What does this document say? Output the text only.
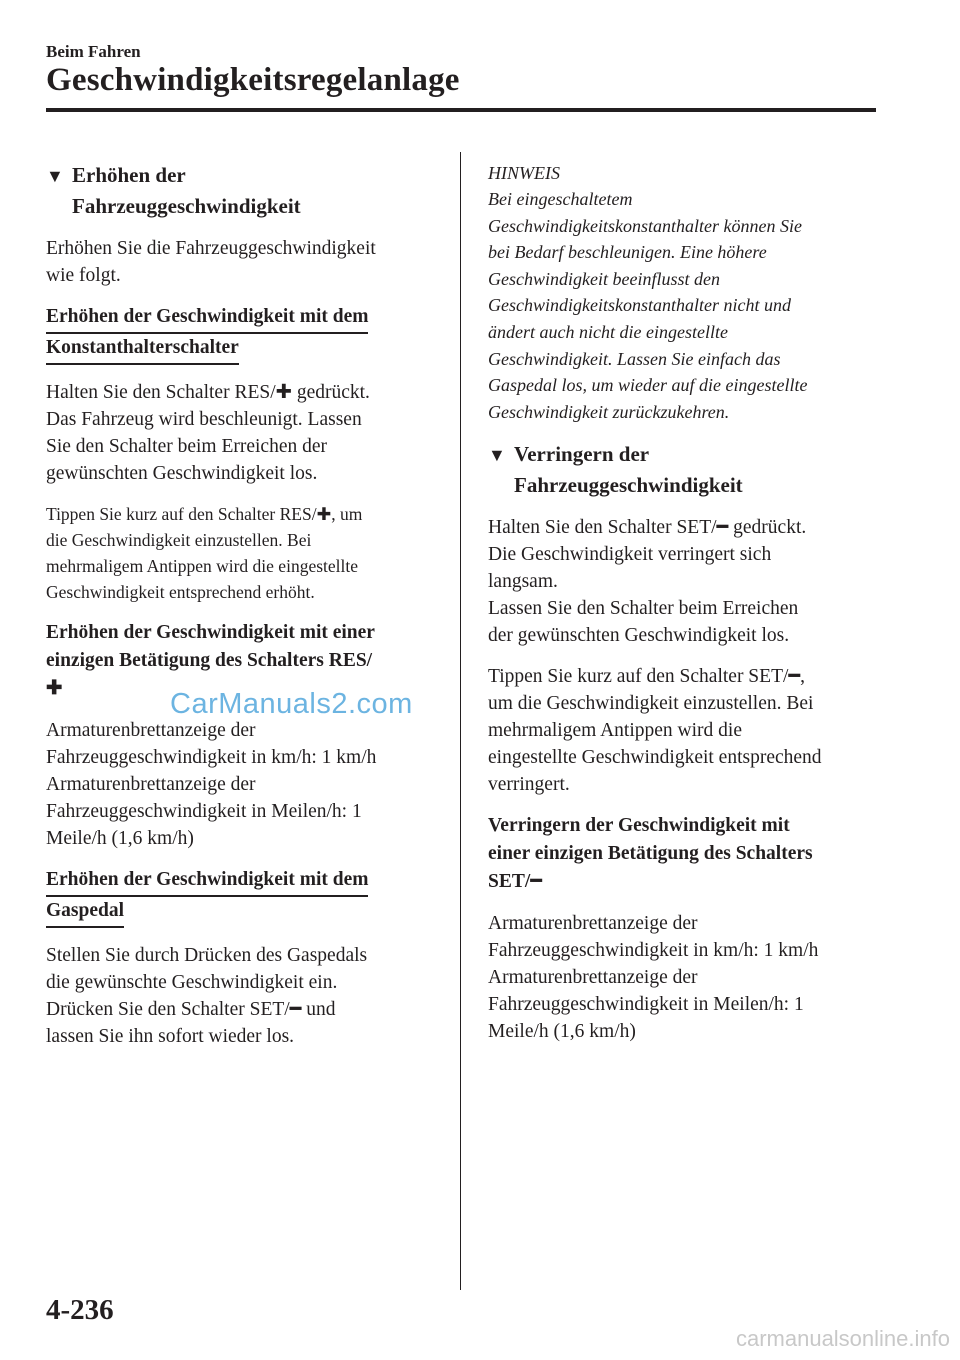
Beim Fahren

Geschwindigkeitsregelanlage
▼ Erhöhen der
Fahrzeuggeschwindigkeit

Erhöhen Sie die Fahrzeuggeschwindigkeit
wie folgt.

Erhöhen der Geschwindigkeit mit dem
Konstanthalterschalter

Halten Sie den Schalter RES/✚ gedrückt.
Das Fahrzeug wird beschleunigt. Lassen
Sie den Schalter beim Erreichen der
gewünschten Geschwindigkeit los.

Tippen Sie kurz auf den Schalter RES/✚, um
die Geschwindigkeit einzustellen. Bei
mehrmaligem Antippen wird die eingestellte
Geschwindigkeit entsprechend erhöht.

Erhöhen der Geschwindigkeit mit einer
einzigen Betätigung des Schalters RES/
✚

Armaturenbrettanzeige der
Fahrzeuggeschwindigkeit in km/h: 1 km/h
Armaturenbrettanzeige der
Fahrzeuggeschwindigkeit in Meilen/h: 1
Meile/h (1,6 km/h)

Erhöhen der Geschwindigkeit mit dem
Gaspedal

Stellen Sie durch Drücken des Gaspedals
die gewünschte Geschwindigkeit ein.
Drücken Sie den Schalter SET/━ und
lassen Sie ihn sofort wieder los.

HINWEIS

Bei eingeschaltetem
Geschwindigkeitskonstanthalter können Sie
bei Bedarf beschleunigen. Eine höhere
Geschwindigkeit beeinflusst den
Geschwindigkeitskonstanthalter nicht und
ändert auch nicht die eingestellte
Geschwindigkeit. Lassen Sie einfach das
Gaspedal los, um wieder auf die eingestellte
Geschwindigkeit zurückzukehren.

▼ Verringern der
Fahrzeuggeschwindigkeit

Halten Sie den Schalter SET/━ gedrückt.
Die Geschwindigkeit verringert sich
langsam.
Lassen Sie den Schalter beim Erreichen
der gewünschten Geschwindigkeit los.

Tippen Sie kurz auf den Schalter SET/━,
um die Geschwindigkeit einzustellen. Bei
mehrmaligem Antippen wird die
eingestellte Geschwindigkeit entsprechend
verringert.

Verringern der Geschwindigkeit mit
einer einzigen Betätigung des Schalters
SET/━

Armaturenbrettanzeige der
Fahrzeuggeschwindigkeit in km/h: 1 km/h
Armaturenbrettanzeige der
Fahrzeuggeschwindigkeit in Meilen/h: 1
Meile/h (1,6 km/h)

CarManuals2.com

4-236

carmanualsonline.info
